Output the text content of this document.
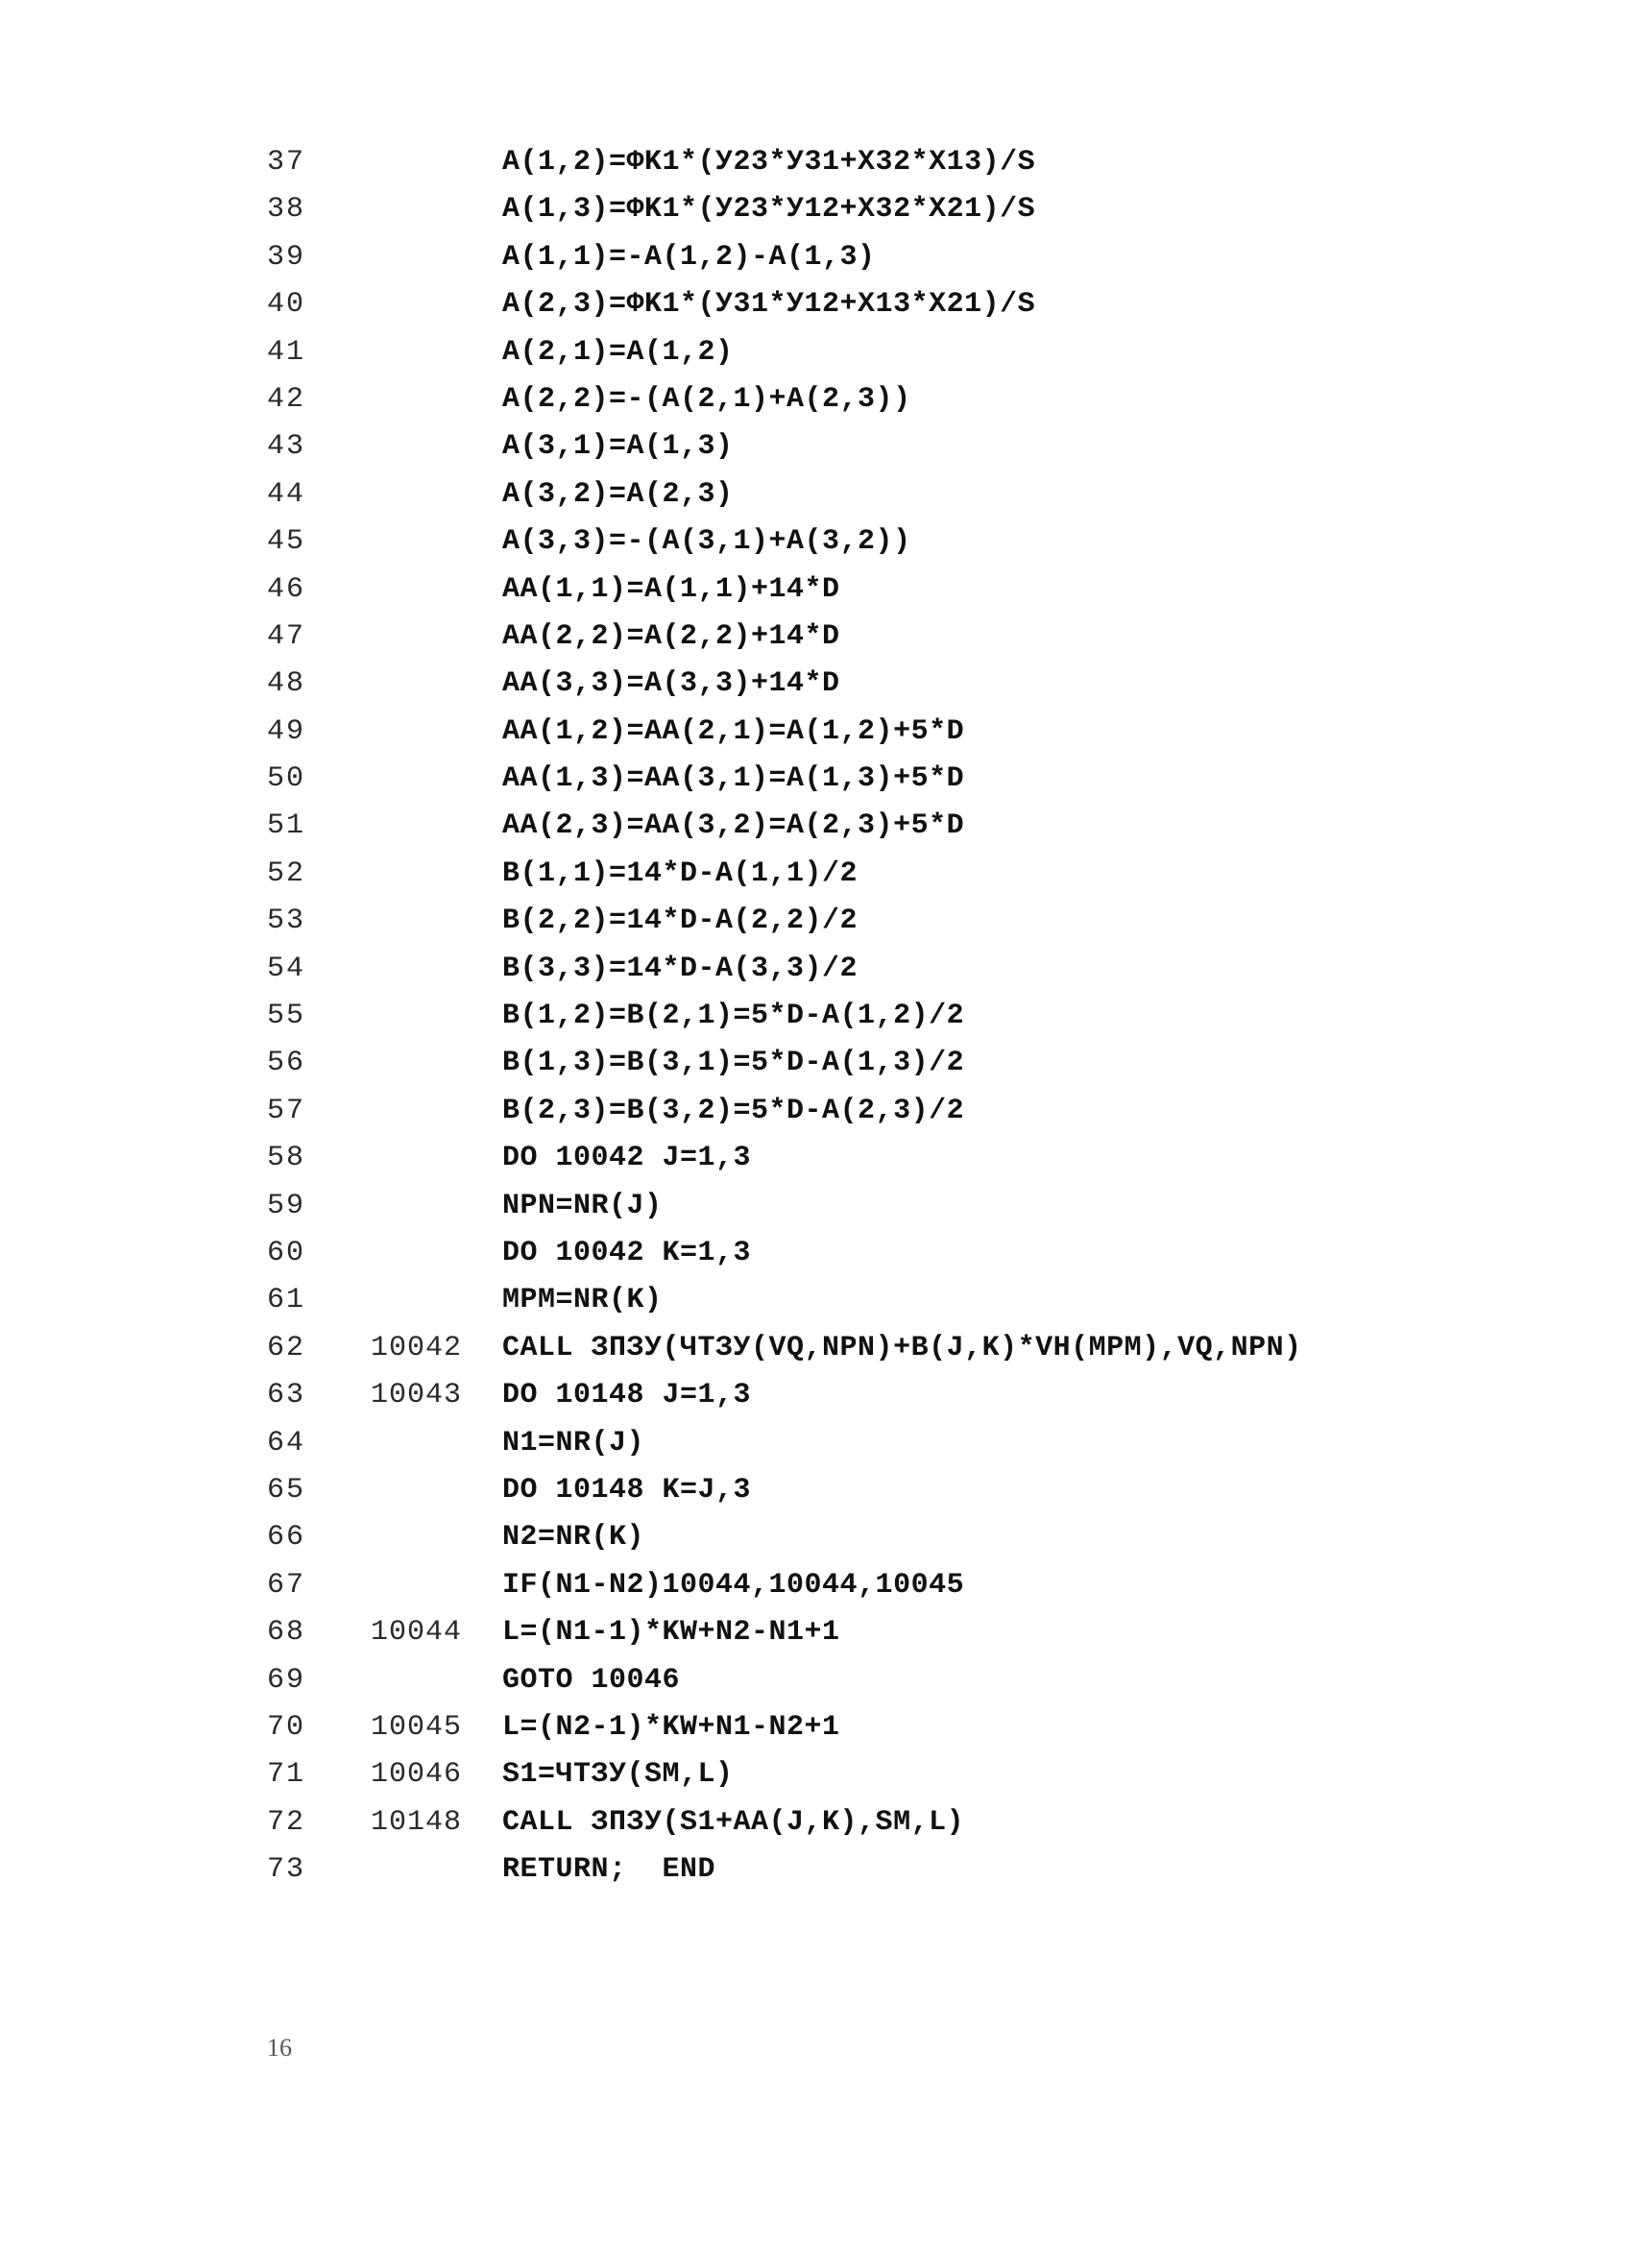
37	A(1,2)=ФK1*(У23*У31+X32*X13)/S
38	A(1,3)=ФK1*(У23*У12+X32*X21)/S
39	A(1,1)=-A(1,2)-A(1,3)
40	A(2,3)=ФK1*(У31*У12+X13*X21)/S
41	A(2,1)=A(1,2)
42	A(2,2)=-(A(2,1)+A(2,3))
43	A(3,1)=A(1,3)
44	A(3,2)=A(2,3)
45	A(3,3)=-(A(3,1)+A(3,2))
46	AA(1,1)=A(1,1)+14*D
47	AA(2,2)=A(2,2)+14*D
48	AA(3,3)=A(3,3)+14*D
49	AA(1,2)=AA(2,1)=A(1,2)+5*D
50	AA(1,3)=AA(3,1)=A(1,3)+5*D
51	AA(2,3)=AA(3,2)=A(2,3)+5*D
52	B(1,1)=14*D-A(1,1)/2
53	B(2,2)=14*D-A(2,2)/2
54	B(3,3)=14*D-A(3,3)/2
55	B(1,2)=B(2,1)=5*D-A(1,2)/2
56	B(1,3)=B(3,1)=5*D-A(1,3)/2
57	B(2,3)=B(3,2)=5*D-A(2,3)/2
58	DO 10042 J=1,3
59	NPN=NR(J)
60	DO 10042 K=1,3
61	MPM=NR(K)
62 10042 CALL ЗПЗУ(ЧТЗУ(VQ,NPN)+B(J,K)*VH(MPM),VQ,NPN)
63 10043 DO 10148 J=1,3
64	N1=NR(J)
65	DO 10148 K=J,3
66	N2=NR(K)
67	IF(N1-N2)10044,10044,10045
68 10044 L=(N1-1)*KW+N2-N1+1
69	GOTO 10046
70 10045 L=(N2-1)*KW+N1-N2+1
71 10046 S1=ЧТЗУ(SM,L)
72 10148 CALL ЗПЗУ(S1+AA(J,K),SM,L)
73	RETURN;  END
16
